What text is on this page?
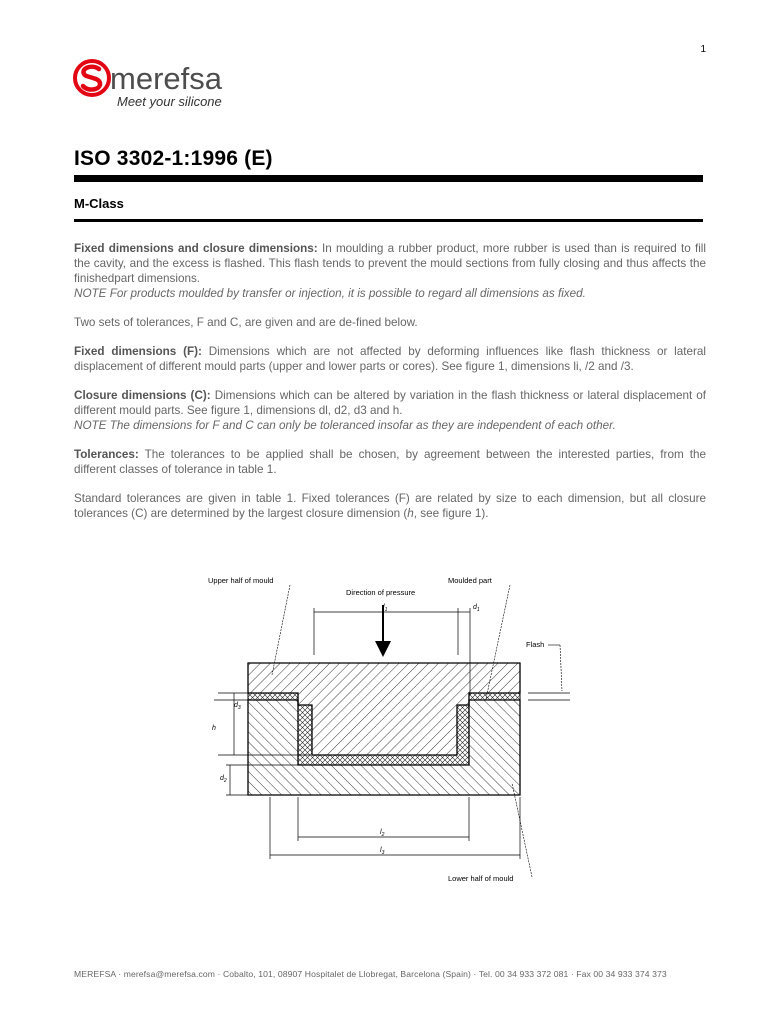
1
merefsa
Meet your silicone
ISO 3302-1:1996 (E)
M-Class

Fixed dimensions and closure dimensions: In moulding a rubber product, more rubber is used than is required to fill the cavity, and the excess is flashed. This flash tends to prevent the mould sections from fully closing and thus affects the finishedpart dimensions.
NOTE For products moulded by transfer or injection, it is possible to regard all dimensions as fixed.

Two sets of tolerances, F and C, are given and are de-fined below.

Fixed dimensions (F): Dimensions which are not affected by deforming influences like flash thickness or lateral displacement of different mould parts (upper and lower parts or cores). See figure 1, dimensions li, /2 and /3.

Closure dimensions (C): Dimensions which can be altered by variation in the flash thickness or lateral displacement of different mould parts. See figure 1, dimensions dl, d2, d3 and h.
NOTE The dimensions for F and C can only be toleranced insofar as they are independent of each other.

Tolerances: The tolerances to be applied shall be chosen, by agreement between the interested parties, from the different classes of tolerance in table 1.

Standard tolerances are given in table 1. Fixed tolerances (F) are related by size to each dimension, but all closure tolerances (C) are determined by the largest closure dimension (h, see figure 1).

Upper half of mould
Direction of pressure
Moulded part
Flash
Lower half of mould
$l_1$	$d_1$
$l_2$
$l_3$
h
$d_3$
$d_2$
MEREFSA · merefsa@merefsa.com · Cobalto, 101, 08907 Hospitalet de Llobregat, Barcelona (Spain) · Tel. 00 34 933 372 081 · Fax 00 34 933 374 373
